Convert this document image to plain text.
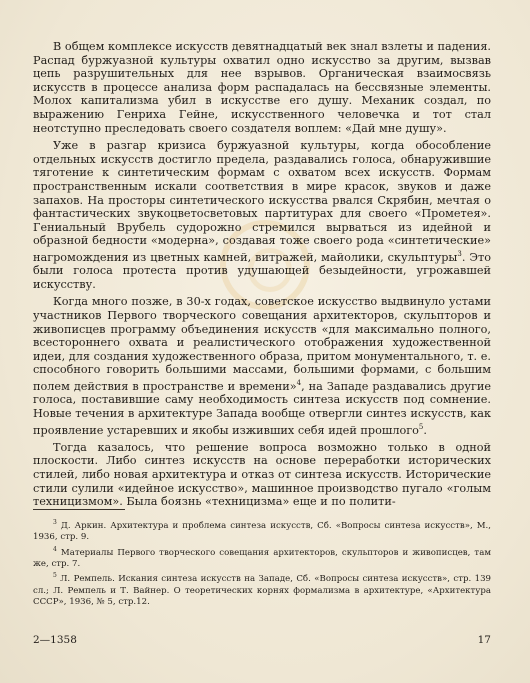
В общем комплексе искусств девятнадцатый век знал взлеты и падения. Распад буржуазной культуры охватил одно искусство за другим, вызвав цепь разрушительных для нее взрывов. Органическая взаимосвязь искусств в процессе анализа форм распадалась на бессвязные элементы. Молох капитализма убил в искусстве его душу. Механик создал, по выражению Генриха Гейне, искусственного человечка и тот стал неотступно преследовать своего создателя воплем: «Дай мне душу».

Уже в разгар кризиса буржуазной культуры, когда обособление отдельных искусств достигло предела, раздавались голоса, обнаружившие тяготение к синтетическим формам с охватом всех искусств. Формам пространственным искали соответствия в мире красок, звуков и даже запахов. На просторы синтетического искусства рвался Скрябин, мечтая о фантастических звукоцветосветовых партитурах для своего «Прометея». Гениальный Врубель судорожно стремился вырваться из идейной и образной бедности «модерна», создавая тоже своего рода «синтетические» нагромождения из цветных камней, витражей, майолики, скульптуры$^3$. Это были голоса протеста против удушающей безыдейности, угрожавшей искусству.

Когда много позже, в 30-х годах, советское искусство выдвинуло устами участников Первого творческого совещания архитекторов, скульпторов и живописцев программу объединения искусств «для максимально полного, всестороннего охвата и реалистического отображения художественной идеи, для создания художественного образа, притом монументального, т. е. способного говорить большими массами, большими формами, с большим полем действия в пространстве и времени»$^4$, на Западе раздавались другие голоса, поставившие саму необходимость синтеза искусств под сомнение. Новые течения в архитектуре Запада вообще отвергли синтез искусств, как проявление устаревших и якобы изживших себя идей прошлого$^5$.

Тогда казалось, что решение вопроса возможно только в одной плоскости. Либо синтез искусств на основе переработки исторических стилей, либо новая архитектура и отказ от синтеза искусств. Исторические стили сулили «идейное искусство», машинное производство пугало «голым техницизмом». Была боязнь «техницизма» еще и по полити-

$^3$ Д. Аркин. Архитектура и проблема синтеза искусств, Сб. «Вопросы синтеза искусств», М., 1936, стр. 9.

$^4$ Материалы Первого творческого совещания архитекторов, скульпторов и живописцев, там же, стр. 7.

$^5$ Л. Ремпель. Искания синтеза искусств на Западе, Сб. «Вопросы синтеза искусств», стр. 139 сл.; Л. Ремпель и Т. Вайнер. О теоретических корнях формализма в архитектуре, «Архитектура СССР», 1936, № 5, стр.12.

2—1358	17
